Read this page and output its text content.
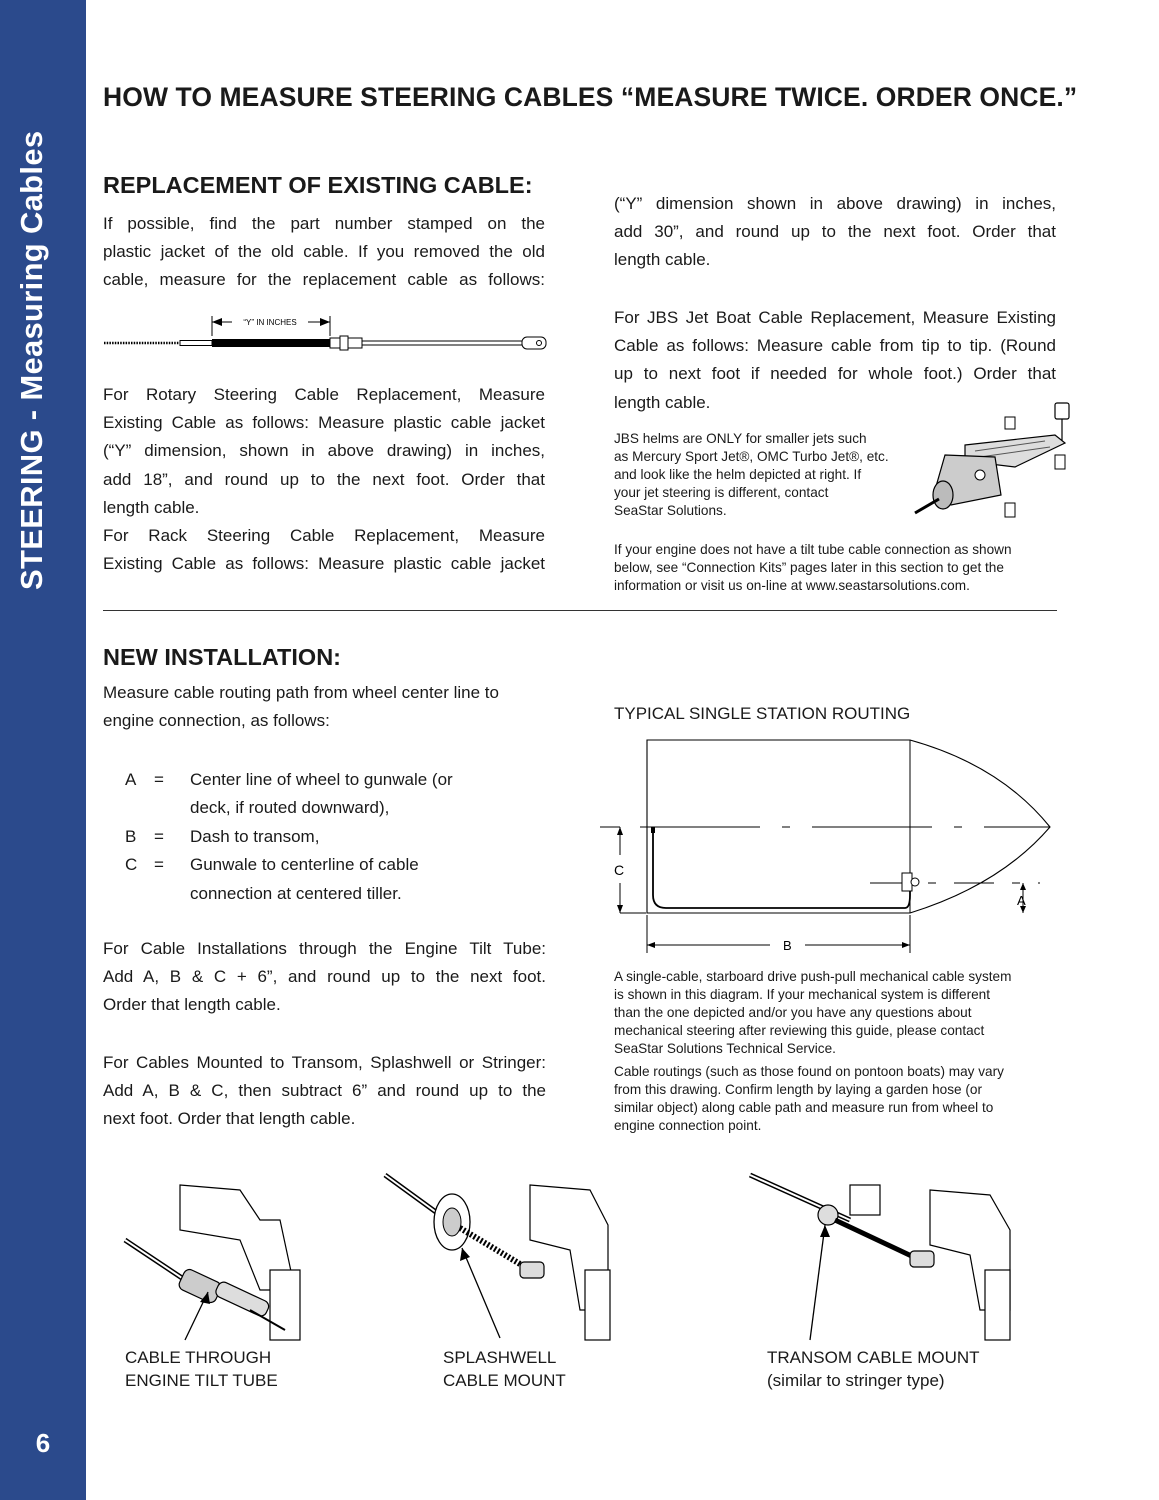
STEERING - Measuring Cables
6
HOW TO MEASURE STEERING CABLES “MEASURE TWICE. ORDER ONCE.”
REPLACEMENT OF EXISTING CABLE:
If possible, find the part number stamped on the
plastic jacket of the old cable. If you removed the old
cable, measure for the replacement cable as follows:
“Y” IN INCHES
For Rotary Steering Cable Replacement, Measure
Existing Cable as follows: Measure plastic cable jacket
(“Y” dimension, shown in above drawing) in inches,
add 18”, and round up to the next foot. Order that
length cable.
For Rack Steering Cable Replacement, Measure
Existing Cable as follows: Measure plastic cable jacket
(“Y” dimension shown in above drawing) in inches,
add 30”, and round up to the next foot. Order that
length cable.
For JBS Jet Boat Cable Replacement, Measure Existing
Cable as follows: Measure cable from tip to tip. (Round
up to next foot if needed for whole foot.) Order that
length cable.
JBS helms are ONLY for smaller jets such
as Mercury Sport Jet®, OMC Turbo Jet®, etc.
and look like the helm depicted at right. If
your jet steering is different, contact
SeaStar Solutions.
If your engine does not have a tilt tube cable connection as shown
below, see “Connection Kits” pages later in this section to get the
information or visit us on-line at www.seastarsolutions.com.
NEW INSTALLATION:
Measure cable routing path from wheel center line to
engine connection, as follows:
A	=	Center line of wheel to gunwale (or
deck, if routed downward),
B	=	Dash to transom,
C =	Gunwale to centerline of cable
connection at centered tiller.
For Cable Installations through the Engine Tilt Tube:
Add A, B & C + 6”, and round up to the next foot.
Order that length cable.
For Cables Mounted to Transom, Splashwell or Stringer:
Add A, B & C, then subtract 6” and round up to the
next foot. Order that length cable.
TYPICAL SINGLE STATION ROUTING
C
A
B
A single-cable, starboard drive push-pull mechanical cable system
is shown in this diagram. If your mechanical system is different
than the one depicted and/or you have any questions about
mechanical steering after reviewing this guide, please contact
SeaStar Solutions Technical Service.
Cable routings (such as those found on pontoon boats) may vary
from this drawing. Confirm length by laying a garden hose (or
similar object) along cable path and measure run from wheel to
engine connection point.
CABLE THROUGH
ENGINE TILT TUBE
SPLASHWELL
CABLE MOUNT
TRANSOM CABLE MOUNT
(similar to stringer type)
